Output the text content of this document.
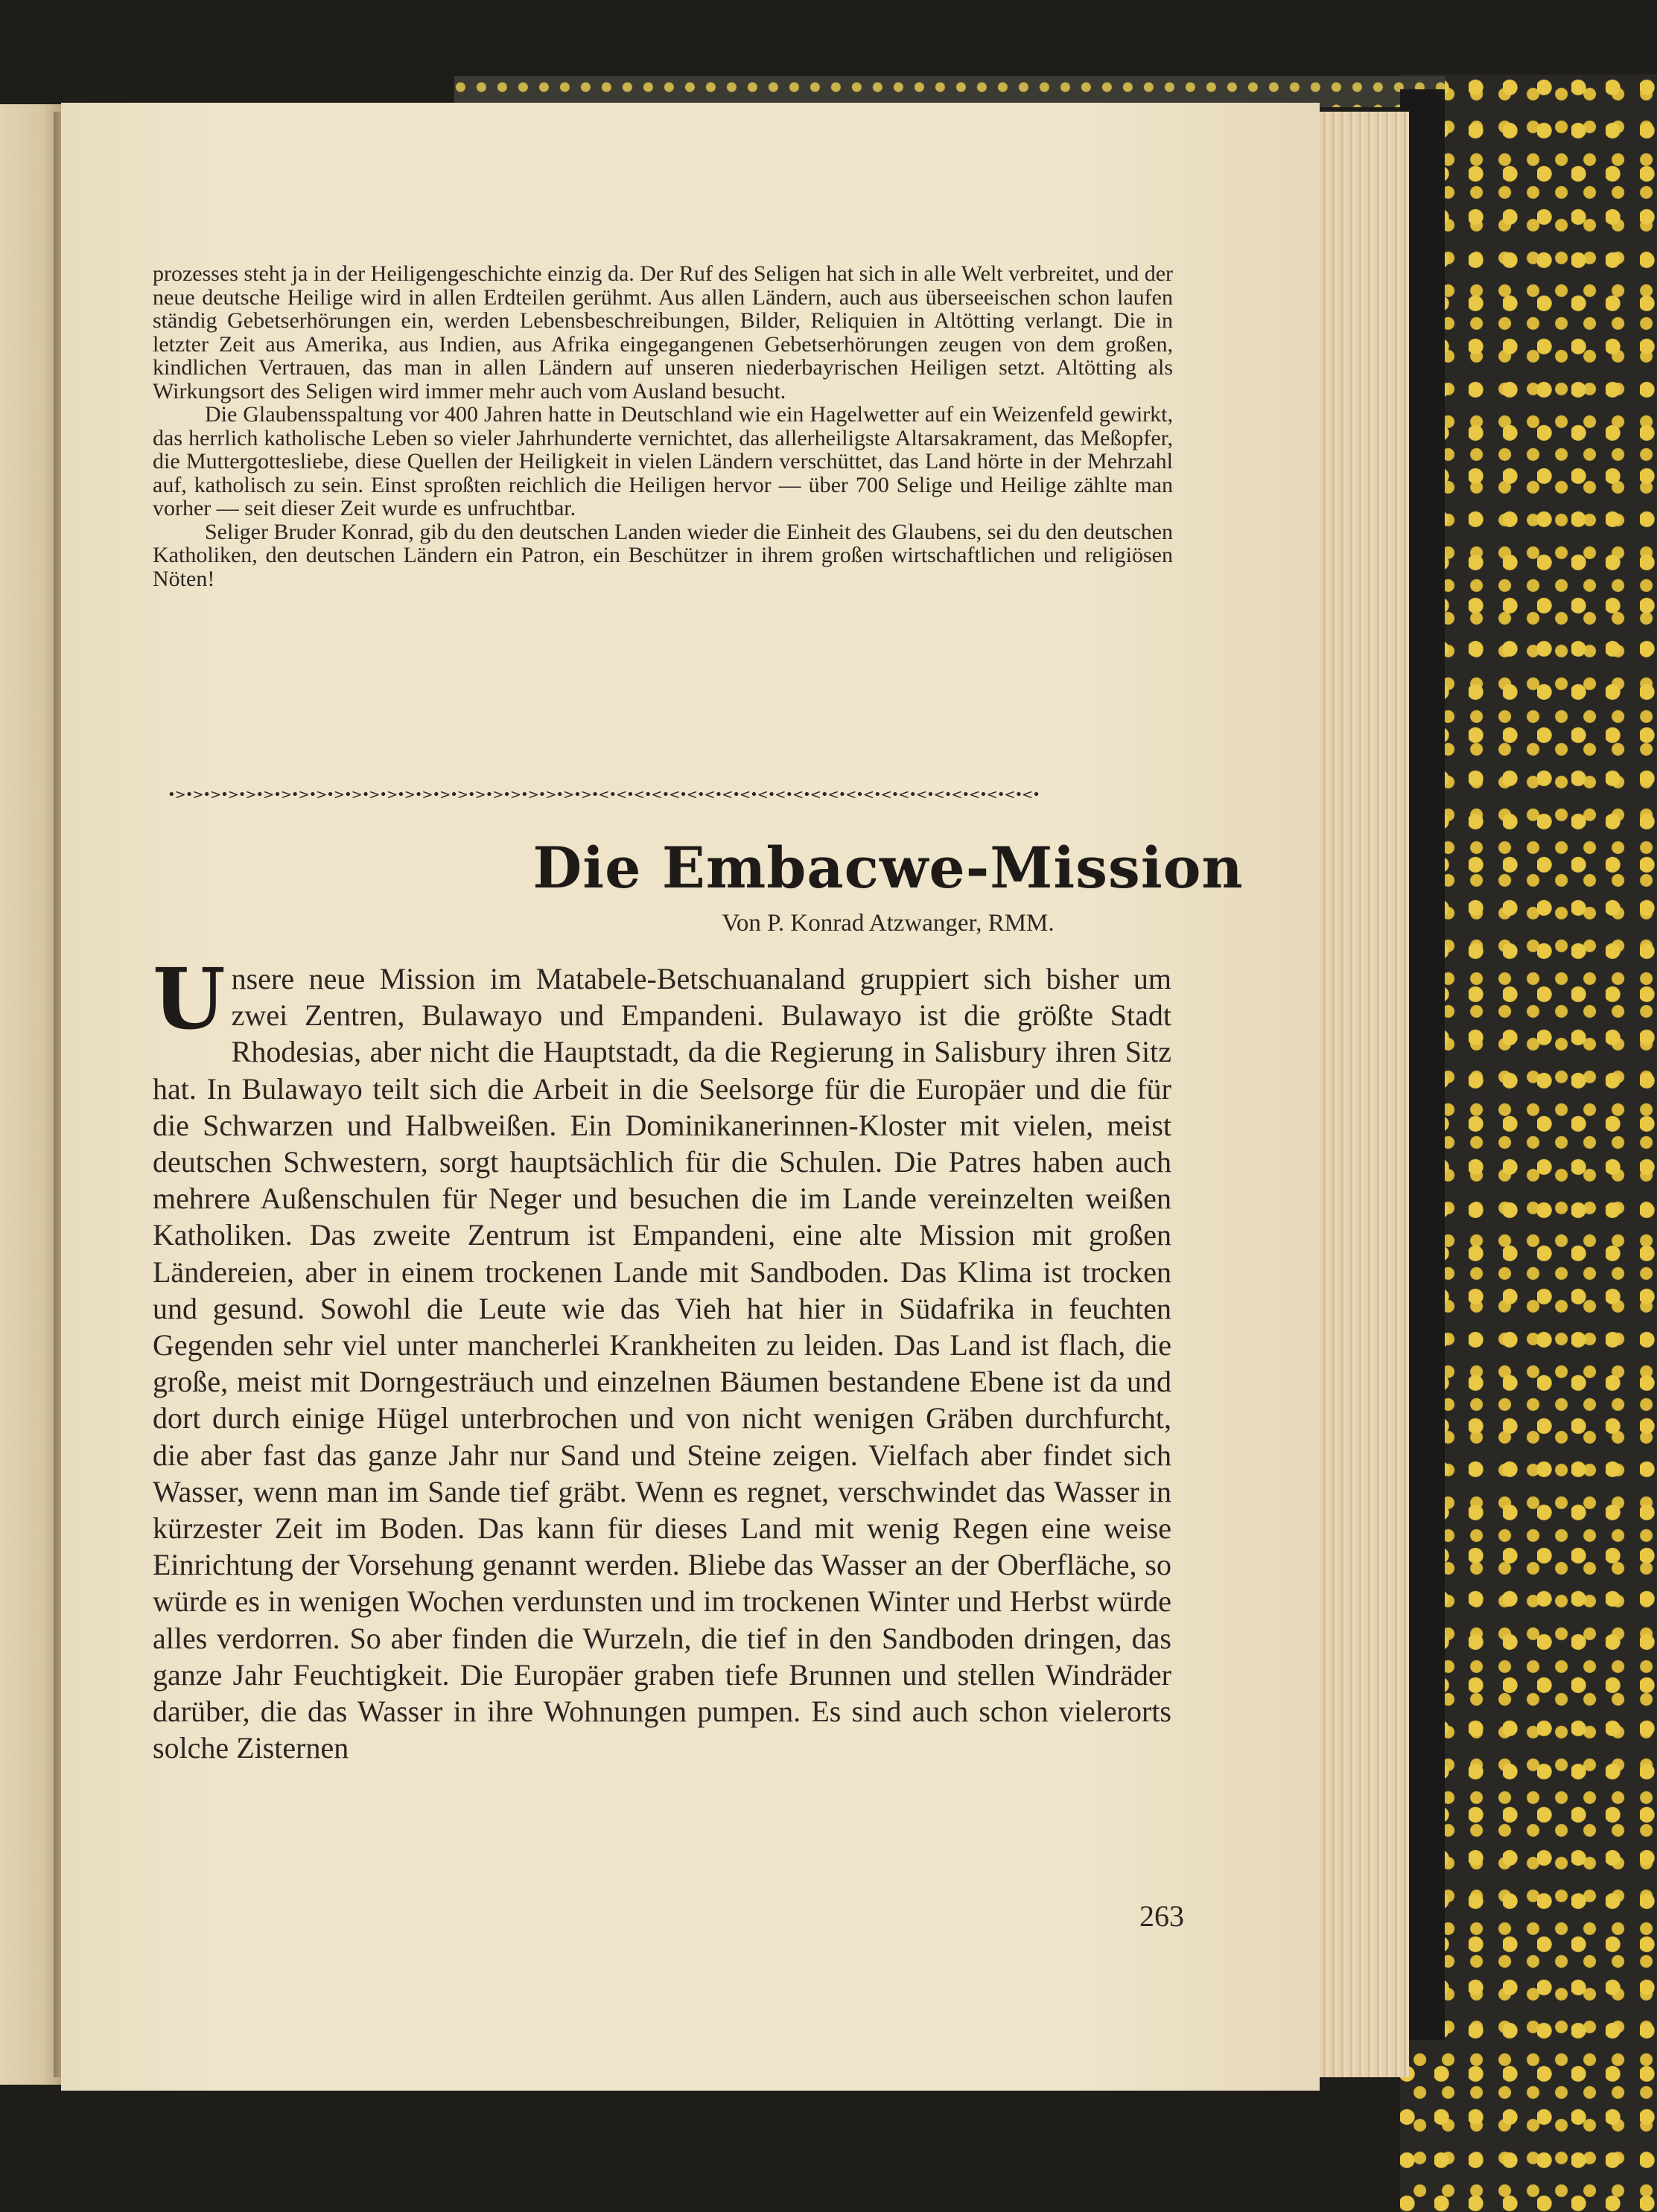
prozesses steht ja in der Heiligengeschichte einzig da. Der Ruf des Seligen hat sich in alle Welt verbreitet, und der neue deutsche Heilige wird in allen Erdteilen gerühmt. Aus allen Ländern, auch aus überseeischen schon laufen ständig Gebetserhörungen ein, werden Lebensbeschreibungen, Bilder, Reliquien in Altötting verlangt. Die in letzter Zeit aus Amerika, aus Indien, aus Afrika eingegangenen Gebetserhörungen zeugen von dem großen, kindlichen Vertrauen, das man in allen Ländern auf unseren niederbayrischen Heiligen setzt. Altötting als Wirkungsort des Seligen wird immer mehr auch vom Ausland besucht.

Die Glaubensspaltung vor 400 Jahren hatte in Deutschland wie ein Hagelwetter auf ein Weizenfeld gewirkt, das herrlich katholische Leben so vieler Jahrhunderte vernichtet, das allerheiligste Altarsakrament, das Meßopfer, die Muttergottesliebe, diese Quellen der Heiligkeit in vielen Ländern verschüttet, das Land hörte in der Mehrzahl auf, katholisch zu sein. Einst sproßten reichlich die Heiligen hervor — über 700 Selige und Heilige zählte man vorher — seit dieser Zeit wurde es unfruchtbar.

Seliger Bruder Konrad, gib du den deutschen Landen wieder die Einheit des Glaubens, sei du den deutschen Katholiken, den deutschen Ländern ein Patron, ein Beschützer in ihrem großen wirtschaftlichen und religiösen Nöten!

•>•>•>•>•>•>•>•>•>•>•>•>•>•>•>•>•>•>•>•>•>•>•>•>•<•<•<•<•<•<•<•<•<•<•<•<•<•<•<•<•<•<•<•<•<•<•<•<•<•
Die Embacwe-Mission
Von P. Konrad Atzwanger, RMM.

Unsere neue Mission im Matabele-Betschuanaland gruppiert sich bisher um zwei Zentren, Bulawayo und Empandeni. Bulawayo ist die größte Stadt Rhodesias, aber nicht die Hauptstadt, da die Regierung in Salisbury ihren Sitz hat. In Bulawayo teilt sich die Arbeit in die Seelsorge für die Europäer und die für die Schwarzen und Halbweißen. Ein Dominikanerinnen-Kloster mit vielen, meist deutschen Schwestern, sorgt hauptsächlich für die Schulen. Die Patres haben auch mehrere Außenschulen für Neger und besuchen die im Lande vereinzelten weißen Katholiken. Das zweite Zentrum ist Empandeni, eine alte Mission mit großen Ländereien, aber in einem trockenen Lande mit Sandboden. Das Klima ist trocken und gesund. Sowohl die Leute wie das Vieh hat hier in Südafrika in feuchten Gegenden sehr viel unter mancherlei Krankheiten zu leiden. Das Land ist flach, die große, meist mit Dorngesträuch und einzelnen Bäumen bestandene Ebene ist da und dort durch einige Hügel unterbrochen und von nicht wenigen Gräben durchfurcht, die aber fast das ganze Jahr nur Sand und Steine zeigen. Vielfach aber findet sich Wasser, wenn man im Sande tief gräbt. Wenn es regnet, verschwindet das Wasser in kürzester Zeit im Boden. Das kann für dieses Land mit wenig Regen eine weise Einrichtung der Vorsehung genannt werden. Bliebe das Wasser an der Oberfläche, so würde es in wenigen Wochen verdunsten und im trockenen Winter und Herbst würde alles verdorren. So aber finden die Wurzeln, die tief in den Sandboden dringen, das ganze Jahr Feuchtigkeit. Die Europäer graben tiefe Brunnen und stellen Windräder darüber, die das Wasser in ihre Wohnungen pumpen. Es sind auch schon vielerorts solche Zisternen

263
